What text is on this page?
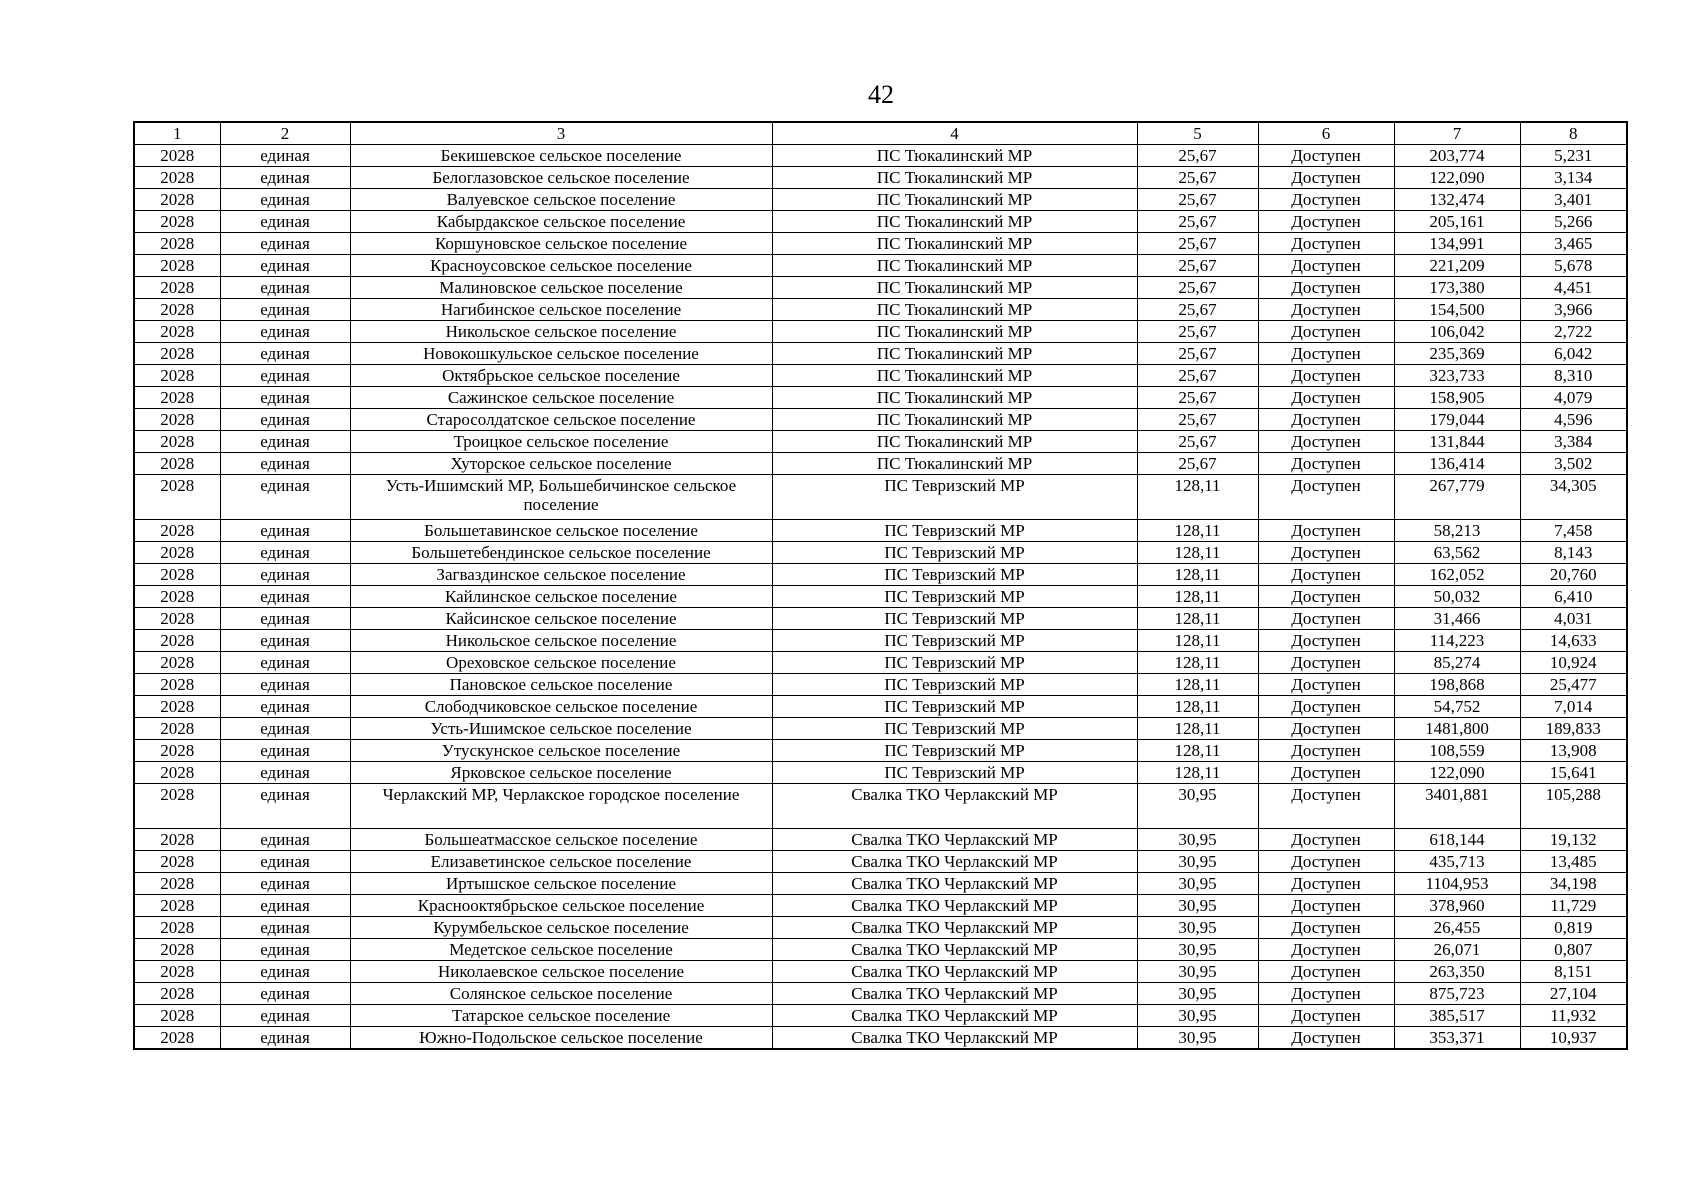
42
1	2	3	4	5	6	7	8
2028	единая	Бекишевское сельское поселение	ПС Тюкалинский МР	25,67	Доступен	203,774	5,231
2028	единая	Белоглазовское сельское поселение	ПС Тюкалинский МР	25,67	Доступен	122,090	3,134
2028	единая	Валуевское сельское поселение	ПС Тюкалинский МР	25,67	Доступен	132,474	3,401
2028	единая	Кабырдакское сельское поселение	ПС Тюкалинский МР	25,67	Доступен	205,161	5,266
2028	единая	Коршуновское сельское поселение	ПС Тюкалинский МР	25,67	Доступен	134,991	3,465
2028	единая	Красноусовское сельское поселение	ПС Тюкалинский МР	25,67	Доступен	221,209	5,678
2028	единая	Малиновское сельское поселение	ПС Тюкалинский МР	25,67	Доступен	173,380	4,451
2028	единая	Нагибинское сельское поселение	ПС Тюкалинский МР	25,67	Доступен	154,500	3,966
2028	единая	Никольское сельское поселение	ПС Тюкалинский МР	25,67	Доступен	106,042	2,722
2028	единая	Новокошкульское сельское поселение	ПС Тюкалинский МР	25,67	Доступен	235,369	6,042
2028	единая	Октябрьское сельское поселение	ПС Тюкалинский МР	25,67	Доступен	323,733	8,310
2028	единая	Сажинское сельское поселение	ПС Тюкалинский МР	25,67	Доступен	158,905	4,079
2028	единая	Старосолдатское сельское поселение	ПС Тюкалинский МР	25,67	Доступен	179,044	4,596
2028	единая	Троицкое сельское поселение	ПС Тюкалинский МР	25,67	Доступен	131,844	3,384
2028	единая	Хуторское сельское поселение	ПС Тюкалинский МР	25,67	Доступен	136,414	3,502
2028	единая	Усть-Ишимский МР, Большебичинское сельское поселение	ПС Тевризский МР	128,11	Доступен	267,779	34,305
2028	единая	Большетавинское сельское поселение	ПС Тевризский МР	128,11	Доступен	58,213	7,458
2028	единая	Большетебендинское сельское поселение	ПС Тевризский МР	128,11	Доступен	63,562	8,143
2028	единая	Загваздинское сельское поселение	ПС Тевризский МР	128,11	Доступен	162,052	20,760
2028	единая	Кайлинское сельское поселение	ПС Тевризский МР	128,11	Доступен	50,032	6,410
2028	единая	Кайсинское сельское поселение	ПС Тевризский МР	128,11	Доступен	31,466	4,031
2028	единая	Никольское сельское поселение	ПС Тевризский МР	128,11	Доступен	114,223	14,633
2028	единая	Ореховское сельское поселение	ПС Тевризский МР	128,11	Доступен	85,274	10,924
2028	единая	Пановское сельское поселение	ПС Тевризский МР	128,11	Доступен	198,868	25,477
2028	единая	Слободчиковское сельское поселение	ПС Тевризский МР	128,11	Доступен	54,752	7,014
2028	единая	Усть-Ишимское сельское поселение	ПС Тевризский МР	128,11	Доступен	1481,800	189,833
2028	единая	Утускунское сельское поселение	ПС Тевризский МР	128,11	Доступен	108,559	13,908
2028	единая	Ярковское сельское поселение	ПС Тевризский МР	128,11	Доступен	122,090	15,641
2028	единая	Черлакский МР, Черлакское городское поселение	Свалка ТКО Черлакский МР	30,95	Доступен	3401,881	105,288
2028	единая	Большеатмасское сельское поселение	Свалка ТКО Черлакский МР	30,95	Доступен	618,144	19,132
2028	единая	Елизаветинское сельское поселение	Свалка ТКО Черлакский МР	30,95	Доступен	435,713	13,485
2028	единая	Иртышское сельское поселение	Свалка ТКО Черлакский МР	30,95	Доступен	1104,953	34,198
2028	единая	Краснооктябрьское сельское поселение	Свалка ТКО Черлакский МР	30,95	Доступен	378,960	11,729
2028	единая	Курумбельское сельское поселение	Свалка ТКО Черлакский МР	30,95	Доступен	26,455	0,819
2028	единая	Медетское сельское поселение	Свалка ТКО Черлакский МР	30,95	Доступен	26,071	0,807
2028	единая	Николаевское сельское поселение	Свалка ТКО Черлакский МР	30,95	Доступен	263,350	8,151
2028	единая	Солянское сельское поселение	Свалка ТКО Черлакский МР	30,95	Доступен	875,723	27,104
2028	единая	Татарское сельское поселение	Свалка ТКО Черлакский МР	30,95	Доступен	385,517	11,932
2028	единая	Южно-Подольское сельское поселение	Свалка ТКО Черлакский МР	30,95	Доступен	353,371	10,937
